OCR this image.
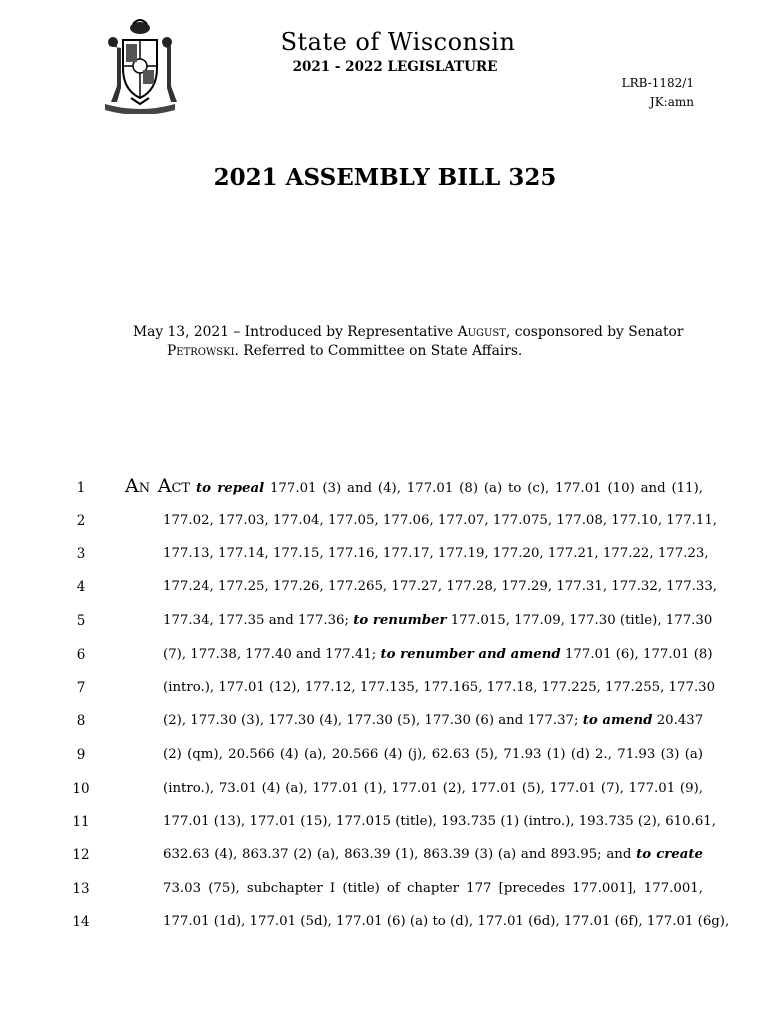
State of Wisconsin
2021 - 2022 LEGISLATURE
LRB-1182/1
JK:amn
2021 ASSEMBLY BILL 325
May 13, 2021 – Introduced by Representative August, cosponsored by Senator
Petrowski. Referred to Committee on State Affairs.
1	An Act to repeal 177.01 (3) and (4), 177.01 (8) (a) to (c), 177.01 (10) and (11),
2	177.02, 177.03, 177.04, 177.05, 177.06, 177.07, 177.075, 177.08, 177.10, 177.11,
3	177.13, 177.14, 177.15, 177.16, 177.17, 177.19, 177.20, 177.21, 177.22, 177.23,
4	177.24, 177.25, 177.26, 177.265, 177.27, 177.28, 177.29, 177.31, 177.32, 177.33,
5	177.34, 177.35 and 177.36; to renumber 177.015, 177.09, 177.30 (title), 177.30
6	(7), 177.38, 177.40 and 177.41; to renumber and amend 177.01 (6), 177.01 (8)
7	(intro.), 177.01 (12), 177.12, 177.135, 177.165, 177.18, 177.225, 177.255, 177.30
8	(2), 177.30 (3), 177.30 (4), 177.30 (5), 177.30 (6) and 177.37; to amend 20.437
9	(2) (qm), 20.566 (4) (a), 20.566 (4) (j), 62.63 (5), 71.93 (1) (d) 2., 71.93 (3) (a)
10	(intro.), 73.01 (4) (a), 177.01 (1), 177.01 (2), 177.01 (5), 177.01 (7), 177.01 (9),
11	177.01 (13), 177.01 (15), 177.015 (title), 193.735 (1) (intro.), 193.735 (2), 610.61,
12	632.63 (4), 863.37 (2) (a), 863.39 (1), 863.39 (3) (a) and 893.95; and to create
13	73.03 (75), subchapter I (title) of chapter 177 [precedes 177.001], 177.001,
14	177.01 (1d), 177.01 (5d), 177.01 (6) (a) to (d), 177.01 (6d), 177.01 (6f), 177.01 (6g),
